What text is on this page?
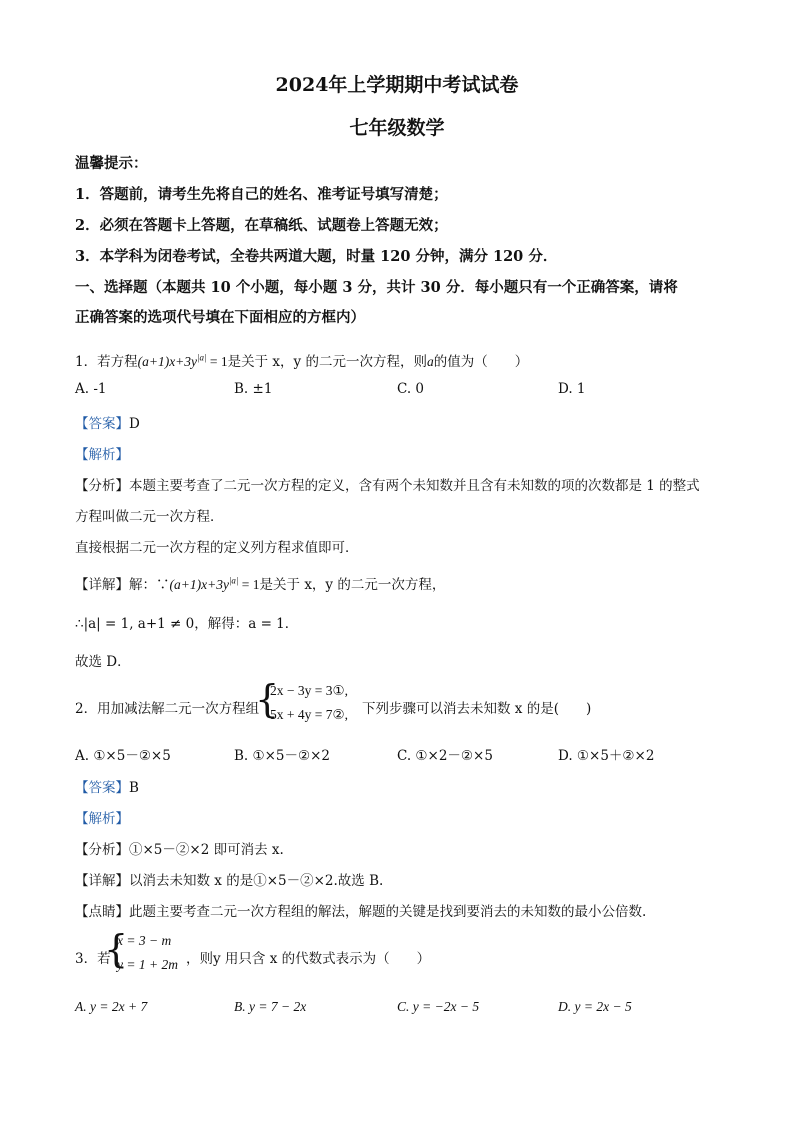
2024年上学期期中考试试卷
七年级数学
温馨提示：
1．答题前，请考生先将自己的姓名、准考证号填写清楚；
2．必须在答题卡上答题，在草稿纸、试题卷上答题无效；
3．本学科为闭卷考试，全卷共两道大题，时量 120 分钟，满分 120 分．
一、选择题（本题共 10 个小题，每小题 3 分，共计 30 分．每小题只有一个正确答案，请将
正确答案的选项代号填在下面相应的方框内）
1．若方程$(a+1)x+3y^{|a|} = 1$是关于 x，y 的二元一次方程，则a的值为（　　）
A. -1	B. ±1	C. 0	D. 1
【答案】D
【解析】
【分析】本题主要考查了二元一次方程的定义，含有两个未知数并且含有未知数的项的次数都是 1 的整式
方程叫做二元一次方程．
直接根据二元一次方程的定义列方程求值即可．
【详解】解：$\because(a+1)x+3y^{|a|} = 1$是关于 x，y 的二元一次方程，
∴|a| = 1, a+1 ≠ 0，解得：a = 1．
故选 D．
2．用加减法解二元一次方程组
{
2x − 3y = 3①,
5x + 4y = 7②, 下列步骤可以消去未知数 x 的是(　　)
A. ①×5－②×5	B. ①×5－②×2	C. ①×2－②×5	D. ①×5＋②×2
【答案】B
【解析】
【分析】➀×5－➁×2 即可消去 x.
【详解】以消去未知数 x 的是➀×5－➁×2.故选 B.
【点睛】此题主要考查二元一次方程组的解法，解题的关键是找到要消去的未知数的最小公倍数.
3．若
{
x = 3 − m
y = 1 + 2m ，则y 用只含 x 的代数式表示为（　　）
A. y = 2x + 7	B. y = 7 − 2x	C. y = −2x − 5	D. y = 2x − 5
